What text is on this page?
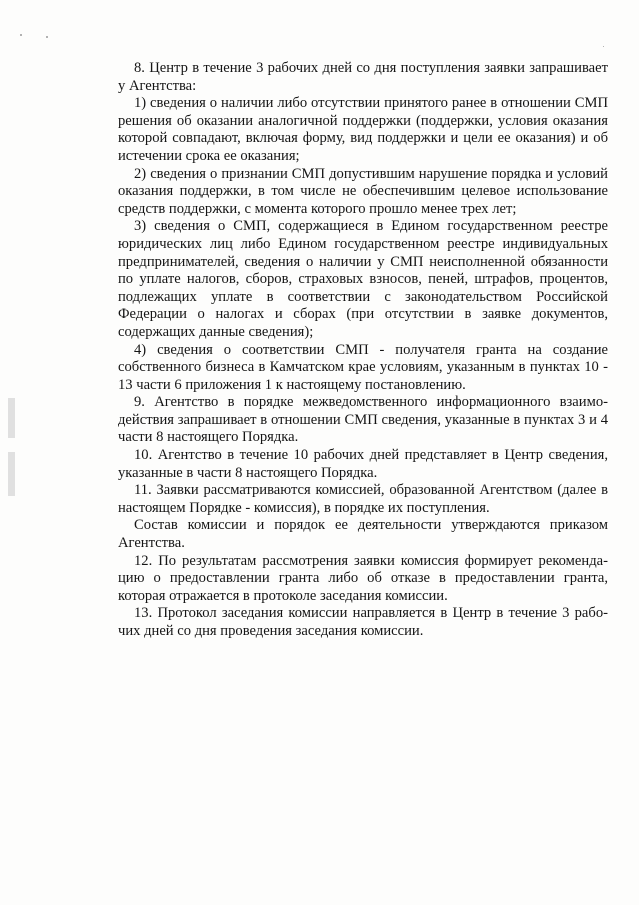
8. Центр в течение 3 рабочих дней со дня поступления заявки запрашивает у Агентства:

1) сведения о наличии либо отсутствии принятого ранее в отношении СМП решения об оказании аналогичной поддержки (поддержки, условия оказания которой совпадают, включая форму, вид поддержки и цели ее оказания) и об истечении срока ее оказания;

2) сведения о признании СМП допустившим нарушение порядка и условий оказания поддержки, в том числе не обеспечившим целевое использование средств поддержки, с момента которого прошло менее трех лет;

3) сведения о СМП, содержащиеся в Едином государственном реестре юридических лиц либо Едином государственном реестре индивидуальных предпринимателей, сведения о наличии у СМП неисполненной обязанности по уплате налогов, сборов, страховых взносов, пеней, штрафов, процентов, подлежащих уплате в соответствии с законодательством Российской Федерации о налогах и сборах (при отсутствии в заявке документов, содержащих данные сведения);

4) сведения о соответствии СМП - получателя гранта на создание собственного бизнеса в Камчатском крае условиям, указанным в пунктах 10 - 13 части 6 приложения 1 к настоящему постановлению.

9. Агентство в порядке межведомственного информационного взаимодействия запрашивает в отношении СМП сведения, указанные в пунктах 3 и 4 части 8 настоящего Порядка.

10. Агентство в течение 10 рабочих дней представляет в Центр сведения, указанные в части 8 настоящего Порядка.

11. Заявки рассматриваются комиссией, образованной Агентством (далее в настоящем Порядке - комиссия), в порядке их поступления.

Состав комиссии и порядок ее деятельности утверждаются приказом Агентства.

12. По результатам рассмотрения заявки комиссия формирует рекомендацию о предоставлении гранта либо об отказе в предоставлении гранта, которая отражается в протоколе заседания комиссии.

13. Протокол заседания комиссии направляется в Центр в течение 3 рабочих дней со дня проведения заседания комиссии.
